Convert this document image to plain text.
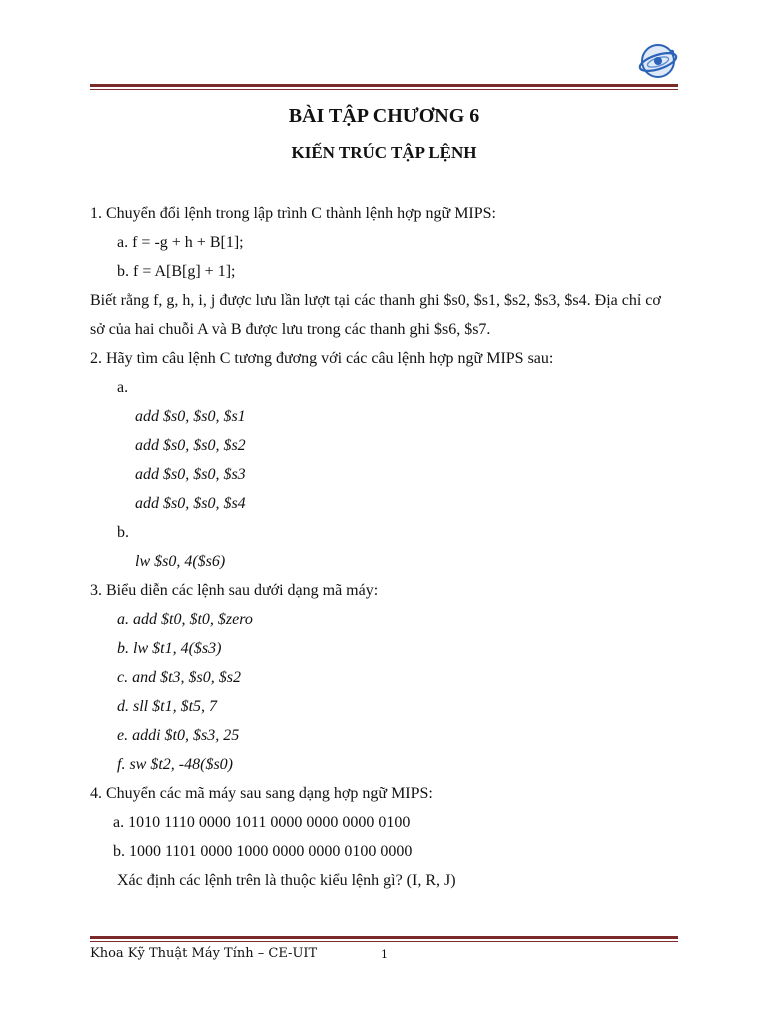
BÀI TẬP CHƯƠNG 6
KIẾN TRÚC TẬP LỆNH
1. Chuyển đổi lệnh trong lập trình C thành lệnh hợp ngữ MIPS:
a. f = -g + h + B[1];
b. f = A[B[g] + 1];
Biết rằng f, g, h, i, j được lưu lần lượt tại các thanh ghi $s0, $s1, $s2, $s3, $s4. Địa chỉ cơ
sở của hai chuỗi A và B được lưu trong các thanh ghi $s6, $s7.
2. Hãy tìm câu lệnh C tương đương với các câu lệnh hợp ngữ MIPS sau:
a.
add $s0, $s0, $s1
add $s0, $s0, $s2
add $s0, $s0, $s3
add $s0, $s0, $s4
b.
lw $s0, 4($s6)
3. Biểu diễn các lệnh sau dưới dạng mã máy:
a. add $t0, $t0, $zero
b. lw $t1, 4($s3)
c. and $t3, $s0, $s2
d. sll $t1, $t5, 7
e. addi $t0, $s3, 25
f. sw $t2, -48($s0)
4. Chuyển các mã máy sau sang dạng hợp ngữ MIPS:
a. 1010 1110 0000 1011 0000 0000 0000 0100
b. 1000 1101 0000 1000 0000 0000 0100 0000
Xác định các lệnh trên là thuộc kiểu lệnh gì? (I, R, J)
Khoa Kỹ Thuật Máy Tính – CE-UIT	1
